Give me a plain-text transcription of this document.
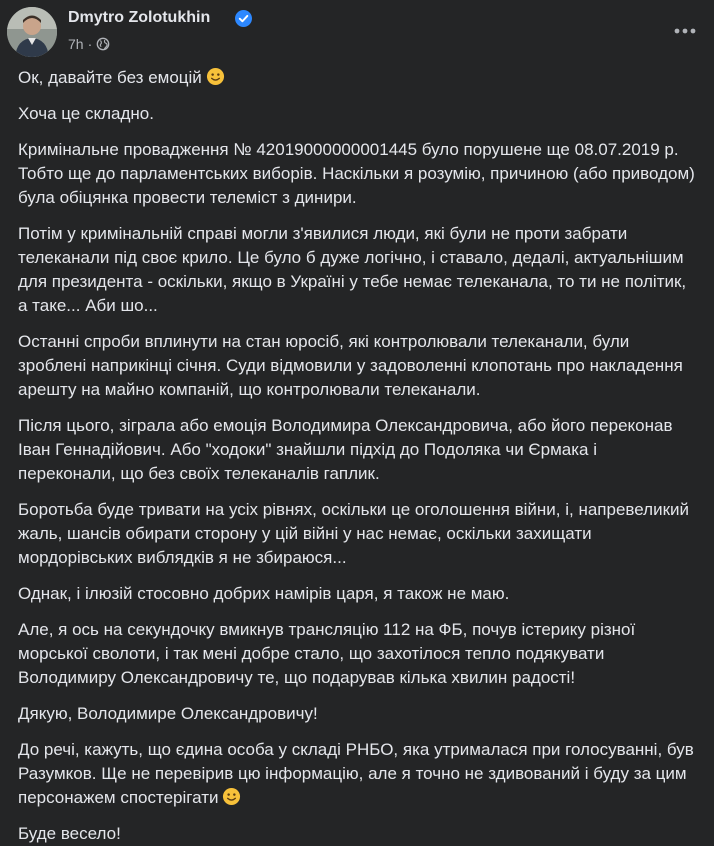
Dmytro Zolotukhin
7h ·

Ок, давайте без емоцій

Хоча це складно.

Кримінальне провадження № 42019000000001445 було порушене ще 08.07.2019 р. Тобто ще до парламентських виборів. Наскільки я розумію, причиною (або приводом) була обіцянка провести телемiст з динири.

Потім у кримінальній справі могли з'явилися люди, які були не проти забрати телеканали під своє крило. Це було б дуже логічно, і ставало, дедалі, актуальнішим для президента - оскільки, якщо в Україні у тебе немає телеканала, то ти не політик, а таке... Аби шо...

Останні спроби вплинути на стан юросіб, які контролювали телеканали, були зроблені наприкінці січня. Суди відмовили у задоволенні клопотань про накладення арешту на майно компаній, що контролювали телеканали.

Після цього, зіграла або емоція Володимира Олександровича, або його переконав Іван Геннадійович. Або "ходоки" знайшли підхід до Подоляка чи Єрмака і переконали, що без своїх телеканалів гаплик.

Боротьба буде тривати на усіх рівнях, оскільки це оголошення війни, і, напревеликий жаль, шансів обирати сторону у цій війні у нас немає, оскільки захищати мордорівських виблядків я не збираюся...

Однак, і ілюзій стосовно добрих намірів царя, я також не маю.

Але, я ось на секундочку вмикнув трансляцію 112 на ФБ, почув істерику різної морської сволоти, і так мені добре стало, що захотілося тепло подякувати Володимиру Олександровичу те, що подарував кілька хвилин радості!

Дякую, Володимире Олександровичу!

До речі, кажуть, що єдина особа у складі РНБО, яка утрималася при голосуванні, був Разумков. Ще не перевірив цю інформацію, але я точно не здивований і буду за цим персонажем спостерігати

Буде весело!
